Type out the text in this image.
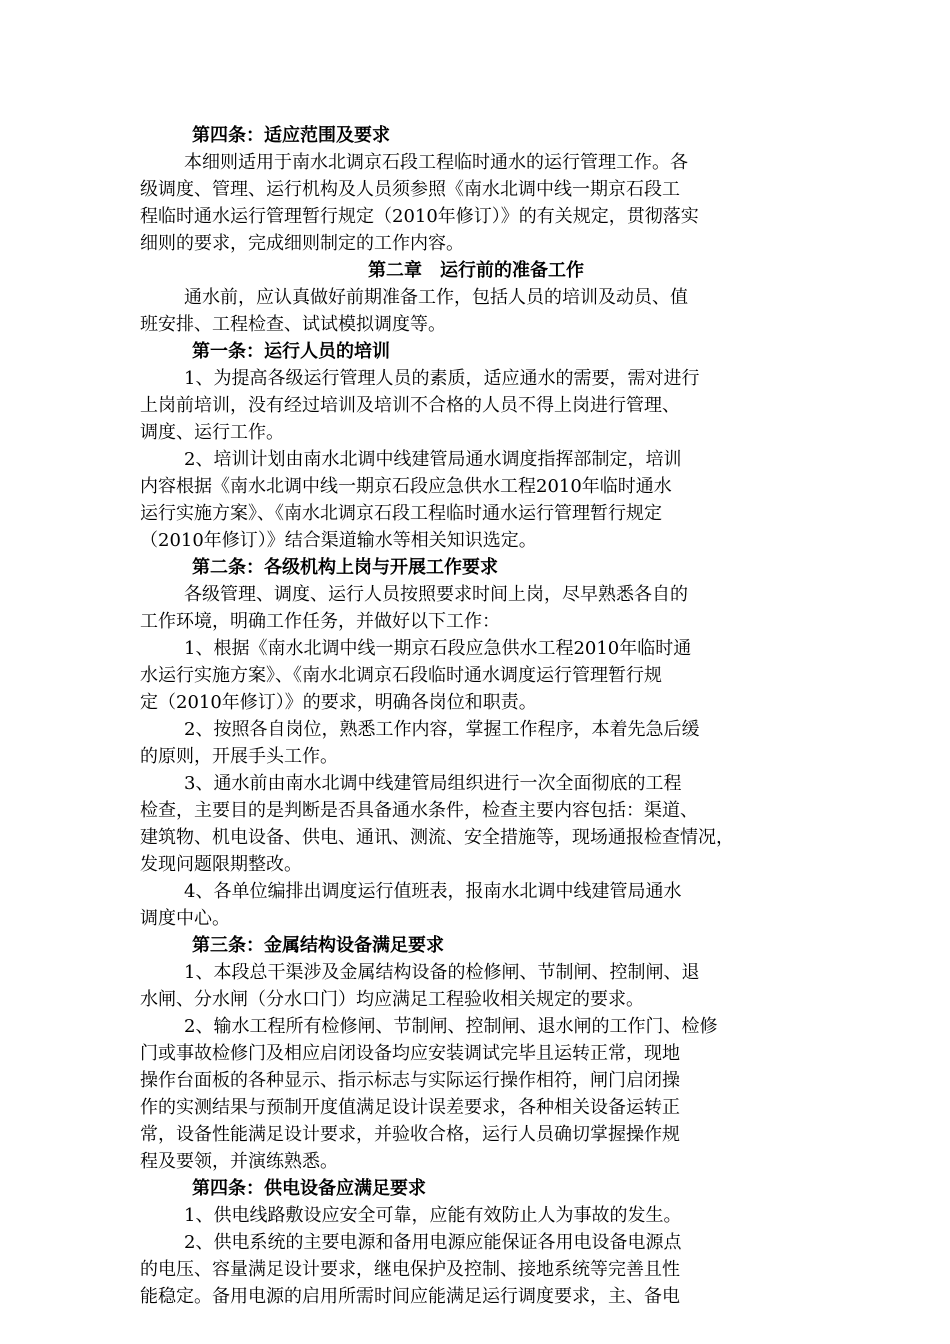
第四条：适应范围及要求
本细则适用于南水北调京石段工程临时通水的运行管理工作。各
级调度、管理、运行机构及人员须参照《南水北调中线一期京石段工
程临时通水运行管理暂行规定（2010年修订）》的有关规定，贯彻落实
细则的要求，完成细则制定的工作内容。
第二章　运行前的准备工作
通水前，应认真做好前期准备工作，包括人员的培训及动员、值
班安排、工程检查、试试模拟调度等。
第一条：运行人员的培训
1、为提高各级运行管理人员的素质，适应通水的需要，需对进行
上岗前培训，没有经过培训及培训不合格的人员不得上岗进行管理、
调度、运行工作。
2、培训计划由南水北调中线建管局通水调度指挥部制定，培训
内容根据《南水北调中线一期京石段应急供水工程2010年临时通水
运行实施方案》、《南水北调京石段工程临时通水运行管理暂行规定
（2010年修订）》结合渠道输水等相关知识选定。
第二条：各级机构上岗与开展工作要求
各级管理、调度、运行人员按照要求时间上岗，尽早熟悉各自的
工作环境，明确工作任务，并做好以下工作：
1、根据《南水北调中线一期京石段应急供水工程2010年临时通
水运行实施方案》、《南水北调京石段临时通水调度运行管理暂行规
定（2010年修订）》的要求，明确各岗位和职责。
2、按照各自岗位，熟悉工作内容，掌握工作程序，本着先急后缓
的原则，开展手头工作。
3、通水前由南水北调中线建管局组织进行一次全面彻底的工程
检查，主要目的是判断是否具备通水条件，检查主要内容包括：渠道、
建筑物、机电设备、供电、通讯、测流、安全措施等，现场通报检查情况，
发现问题限期整改。
4、各单位编排出调度运行值班表，报南水北调中线建管局通水
调度中心。
第三条：金属结构设备满足要求
1、本段总干渠涉及金属结构设备的检修闸、节制闸、控制闸、退
水闸、分水闸（分水口门）均应满足工程验收相关规定的要求。
2、输水工程所有检修闸、节制闸、控制闸、退水闸的工作门、检修
门或事故检修门及相应启闭设备均应安装调试完毕且运转正常，现地
操作台面板的各种显示、指示标志与实际运行操作相符，闸门启闭操
作的实测结果与预制开度值满足设计误差要求，各种相关设备运转正
常，设备性能满足设计要求，并验收合格，运行人员确切掌握操作规
程及要领，并演练熟悉。
第四条：供电设备应满足要求
1、供电线路敷设应安全可靠，应能有效防止人为事故的发生。
2、供电系统的主要电源和备用电源应能保证各用电设备电源点
的电压、容量满足设计要求，继电保护及控制、接地系统等完善且性
能稳定。备用电源的启用所需时间应能满足运行调度要求，主、备电
